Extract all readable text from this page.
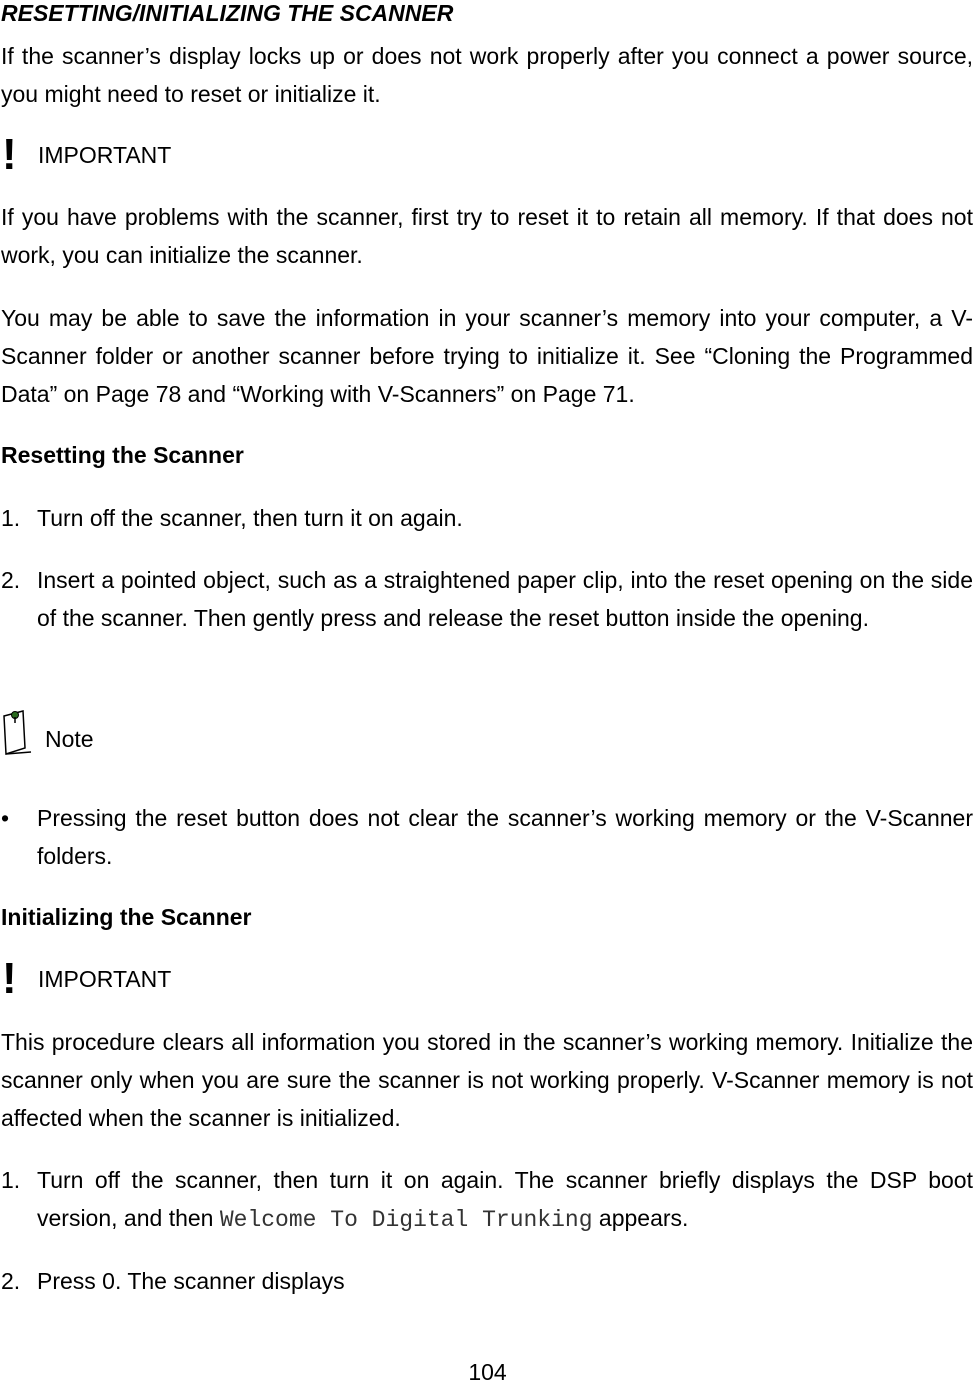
RESETTING/INITIALIZING THE SCANNER

If the scanner’s display locks up or does not work properly after you connect a power source, you might need to reset or initialize it.

! IMPORTANT

If you have problems with the scanner, first try to reset it to retain all memory. If that does not work, you can initialize the scanner.

You may be able to save the information in your scanner’s memory into your computer, a V-Scanner folder or another scanner before trying to initialize it. See “Cloning the Programmed Data” on Page 78 and “Working with V-Scanners” on Page 71.

Resetting the Scanner
1. Turn off the scanner, then turn it on again.
2. Insert a pointed object, such as a straightened paper clip, into the reset opening on the side of the scanner. Then gently press and release the reset button inside the opening.
Note
•	Pressing the reset button does not clear the scanner’s working memory or the V-Scanner folders.
Initializing the Scanner
! IMPORTANT

This procedure clears all information you stored in the scanner’s working memory. Initialize the scanner only when you are sure the scanner is not working properly. V-Scanner memory is not affected when the scanner is initialized.

1. Turn off the scanner, then turn it on again. The scanner briefly displays the DSP boot version, and then Welcome To Digital Trunking appears.
2. Press 0. The scanner displays
104
